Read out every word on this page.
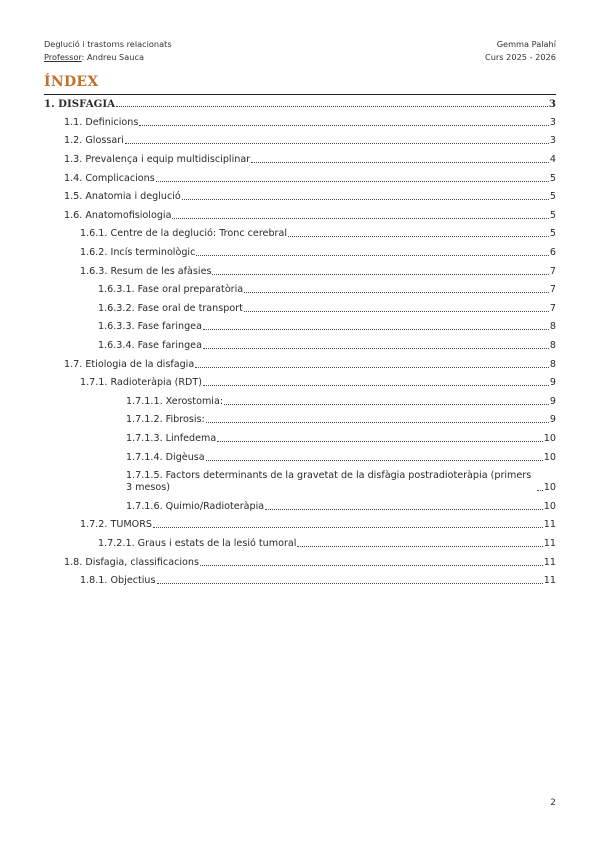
Deglució i trastorns relacionats	Gemma Palahí
Professor: Andreu Sauca	Curs 2025 - 2026
ÍNDEX
1. DISFAGIA	3
1.1. Definicions	3
1.2. Glossari	3
1.3. Prevalença i equip multidisciplinar	4
1.4. Complicacions	5
1.5. Anatomia i deglució	5
1.6. Anatomofisiologia	5
1.6.1. Centre de la deglució: Tronc cerebral	5
1.6.2. Incís terminològic	6
1.6.3. Resum de les afàsies	7
1.6.3.1. Fase oral preparatòria	7
1.6.3.2. Fase oral de transport	7
1.6.3.3. Fase faringea	8
1.6.3.4. Fase faringea	8
1.7. Etiologia de la disfagia	8
1.7.1. Radioteràpia (RDT)	9
1.7.1.1. Xerostomia:	9
1.7.1.2. Fibrosis:	9
1.7.1.3. Linfedema	10
1.7.1.4. Digèusa	10
1.7.1.5. Factors determinants de la gravetat de la disfàgia postradioteràpia (primers 3 mesos)	10
1.7.1.6. Quimio/Radioteràpia	10
1.7.2. TUMORS	11
1.7.2.1. Graus i estats de la lesió tumoral	11
1.8. Disfagia, classificacions	11
1.8.1. Objectius	11
2
